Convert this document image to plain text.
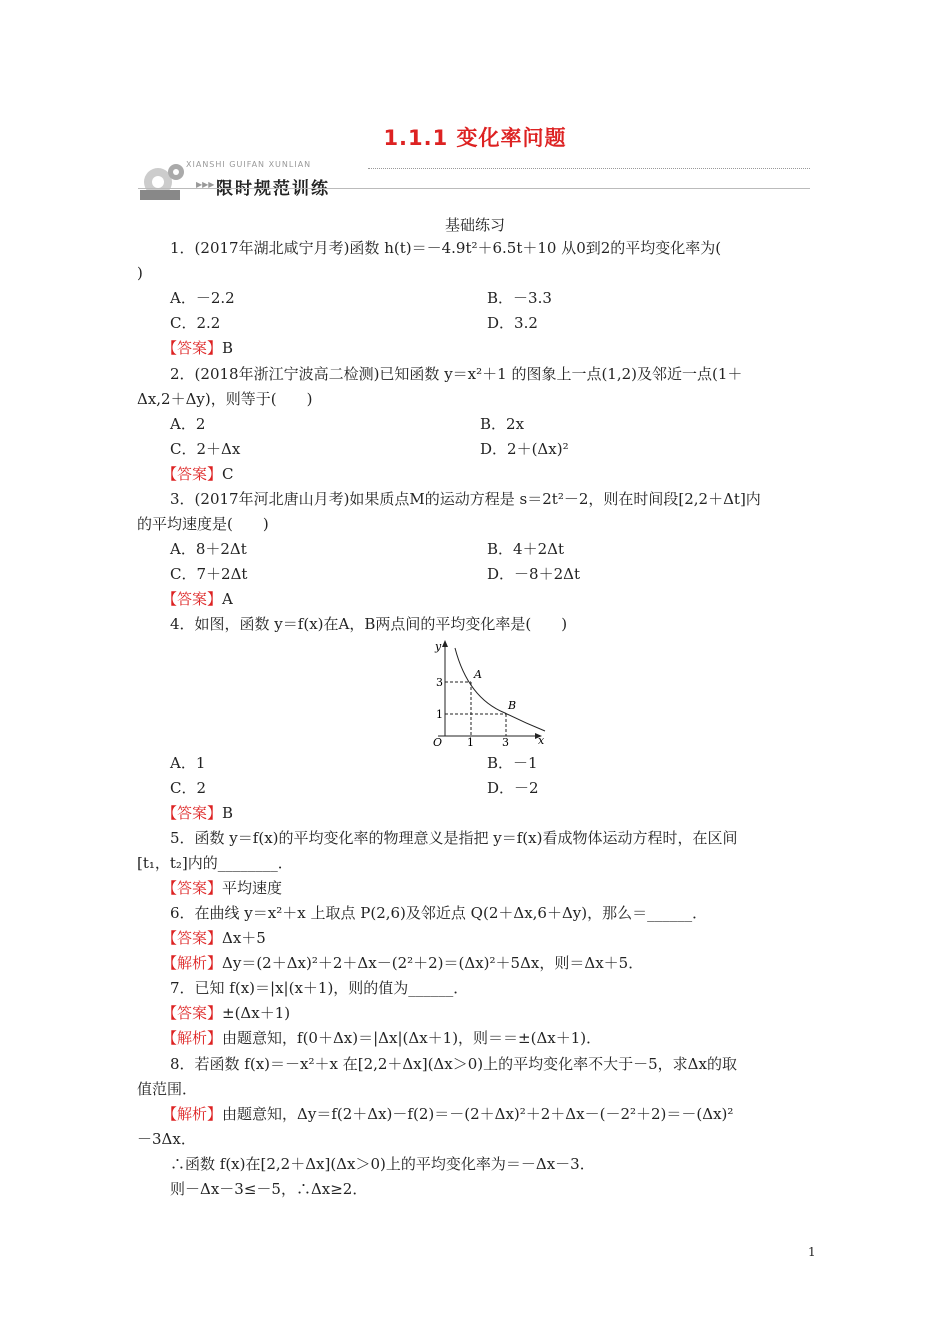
1.1.1 变化率问题
XIANSHI GUIFAN XUNLIAN
▶▶▶ 限时规范训练
基础练习
1．(2017年湖北咸宁月考)函数 h(t)＝－4.9t²＋6.5t＋10 从0到2的平均变化率为(
)
A．－2.2	B．－3.3
C．2.2	D．3.2
【答案】B
2．(2018年浙江宁波高二检测)已知函数 y＝x²＋1 的图象上一点(1,2)及邻近一点(1＋
Δx,2＋Δy)，则等于(　　)
A．2	B．2x
C．2＋Δx	D．2＋(Δx)²
【答案】C
3．(2017年河北唐山月考)如果质点M的运动方程是 s＝2t²－2，则在时间段[2,2＋Δt]内
的平均速度是(　　)
A．8＋2Δt	B．4＋2Δt
C．7＋2Δt	D．－8＋2Δt
【答案】A
4．如图，函数 y＝f(x)在A，B两点间的平均变化率是(　　)
y
x
O
3
1
1	3
A
B
A．1	B．－1
C．2	D．－2
【答案】B
5．函数 y＝f(x)的平均变化率的物理意义是指把 y＝f(x)看成物体运动方程时，在区间
[t₁，t₂]内的________．
【答案】平均速度
6．在曲线 y＝x²＋x 上取点 P(2,6)及邻近点 Q(2＋Δx,6＋Δy)，那么＝______．
【答案】Δx＋5
【解析】Δy＝(2＋Δx)²＋2＋Δx－(2²＋2)＝(Δx)²＋5Δx，则＝Δx＋5．
7．已知 f(x)＝|x|(x＋1)，则的值为______．
【答案】±(Δx＋1)
【解析】由题意知，f(0＋Δx)＝|Δx|(Δx＋1)，则＝＝±(Δx＋1)．
8．若函数 f(x)＝－x²＋x 在[2,2＋Δx](Δx＞0)上的平均变化率不大于－5，求Δx的取
值范围．
【解析】由题意知，Δy＝f(2＋Δx)－f(2)＝－(2＋Δx)²＋2＋Δx－(－2²＋2)＝－(Δx)²
－3Δx．
∴函数 f(x)在[2,2＋Δx](Δx＞0)上的平均变化率为＝－Δx－3．
则－Δx－3≤－5，∴Δx≥2．
1
